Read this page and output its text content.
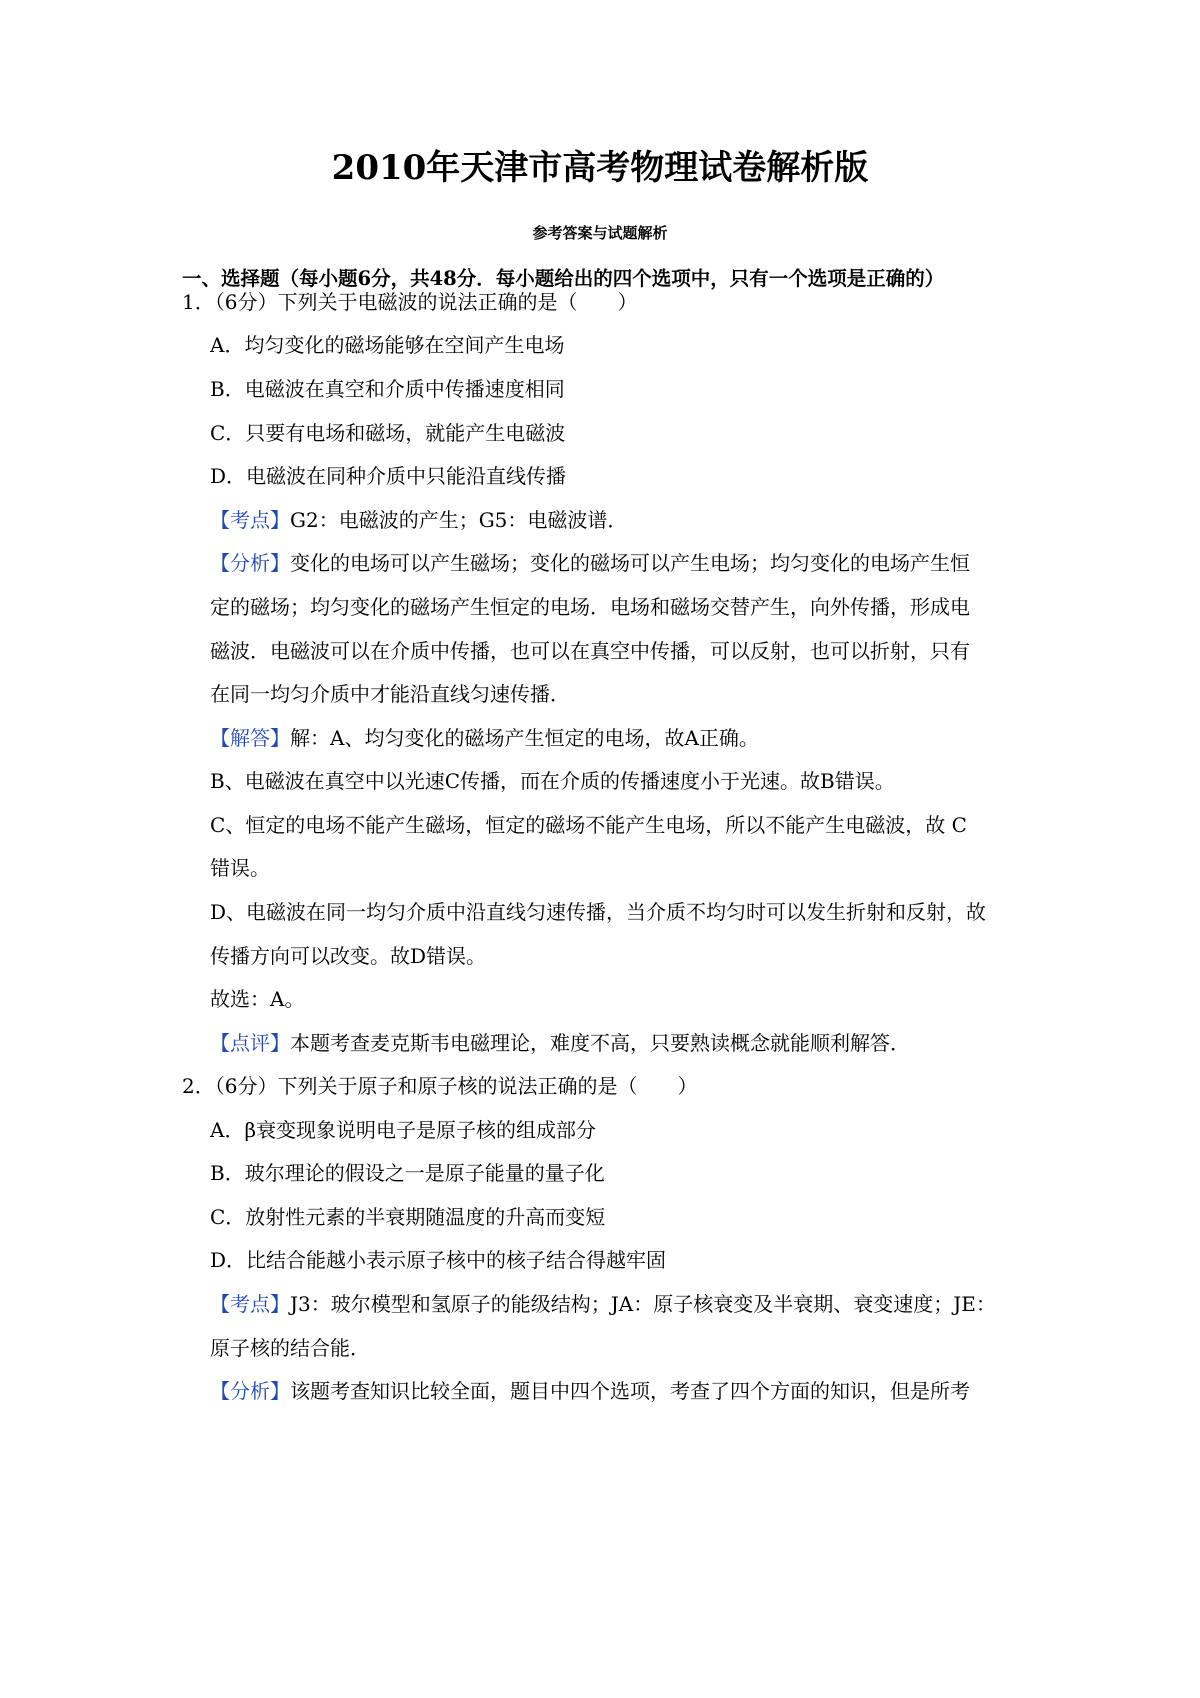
2010年天津市高考物理试卷解析版
参考答案与试题解析
一、选择题（每小题6分，共48分．每小题给出的四个选项中，只有一个选项是正确的）
1．（6分）下列关于电磁波的说法正确的是（　　）
A．均匀变化的磁场能够在空间产生电场
B．电磁波在真空和介质中传播速度相同
C．只要有电场和磁场，就能产生电磁波
D．电磁波在同种介质中只能沿直线传播
【考点】G2：电磁波的产生；G5：电磁波谱．
【分析】变化的电场可以产生磁场；变化的磁场可以产生电场；均匀变化的电场产生恒
定的磁场；均匀变化的磁场产生恒定的电场．电场和磁场交替产生，向外传播，形成电
磁波．电磁波可以在介质中传播，也可以在真空中传播，可以反射，也可以折射，只有
在同一均匀介质中才能沿直线匀速传播．
【解答】解：A、均匀变化的磁场产生恒定的电场，故A正确。
B、电磁波在真空中以光速C传播，而在介质的传播速度小于光速。故B错误。
C、恒定的电场不能产生磁场，恒定的磁场不能产生电场，所以不能产生电磁波，故 C
错误。
D、电磁波在同一均匀介质中沿直线匀速传播，当介质不均匀时可以发生折射和反射，故
传播方向可以改变。故D错误。
故选：A。
【点评】本题考查麦克斯韦电磁理论，难度不高，只要熟读概念就能顺利解答．
2．（6分）下列关于原子和原子核的说法正确的是（　　）
A．β衰变现象说明电子是原子核的组成部分
B．玻尔理论的假设之一是原子能量的量子化
C．放射性元素的半衰期随温度的升高而变短
D．比结合能越小表示原子核中的核子结合得越牢固
【考点】J3：玻尔模型和氢原子的能级结构；JA：原子核衰变及半衰期、衰变速度；JE：
原子核的结合能．
【分析】该题考查知识比较全面，题目中四个选项，考查了四个方面的知识，但是所考
